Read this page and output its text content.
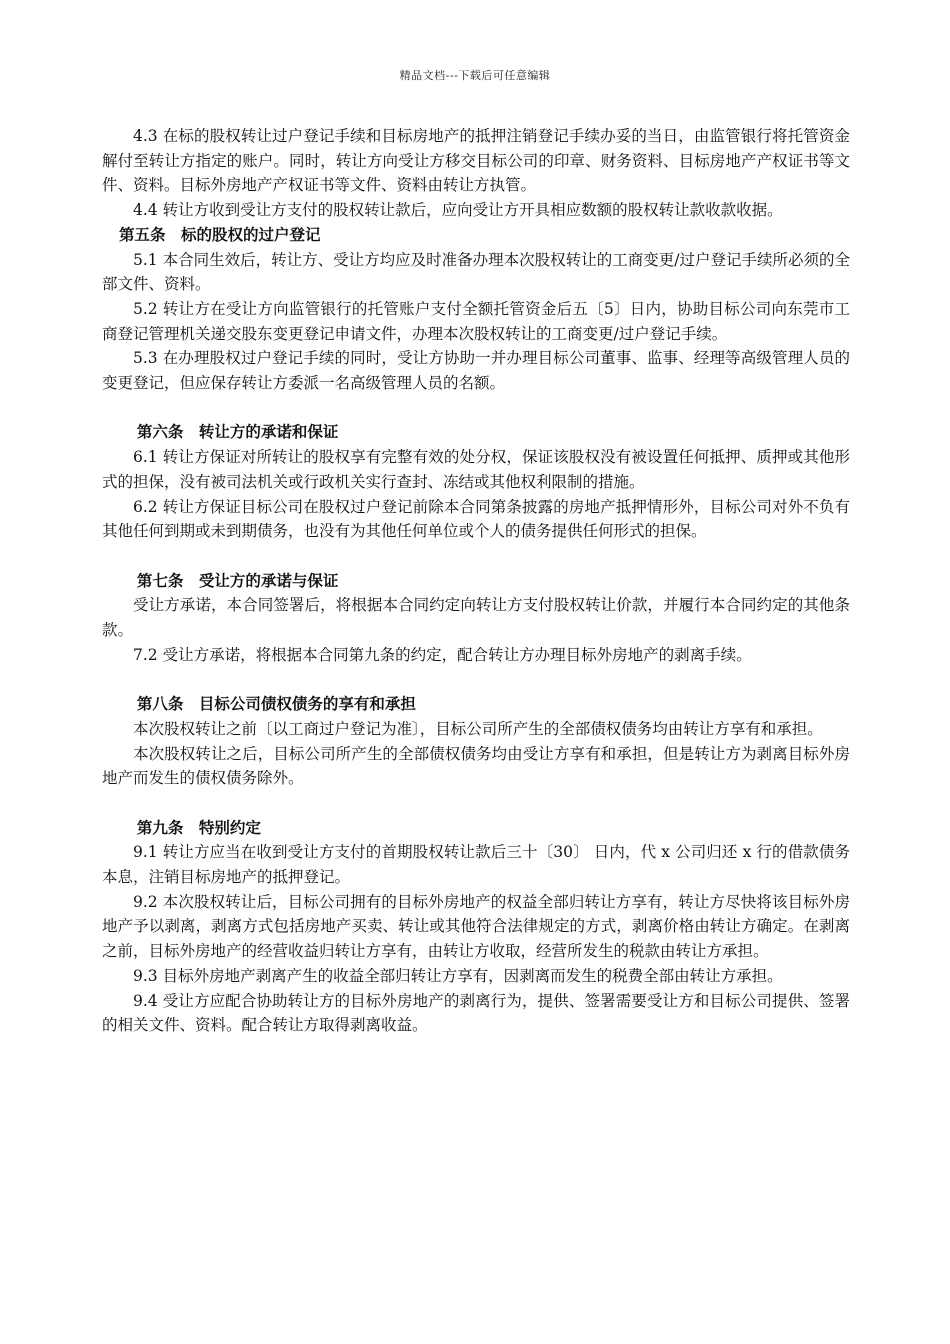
精品文档---下载后可任意编辑

4.3 在标的股权转让过户登记手续和目标房地产的抵押注销登记手续办妥的当日，由监管银行将托管资金解付至转让方指定的账户。同时，转让方向受让方移交目标公司的印章、财务资料、目标房地产产权证书等文件、资料。目标外房地产产权证书等文件、资料由转让方执管。

4.4 转让方收到受让方支付的股权转让款后，应向受让方开具相应数额的股权转让款收款收据。

第五条　标的股权的过户登记

5.1 本合同生效后，转让方、受让方均应及时准备办理本次股权转让的工商变更/过户登记手续所必须的全部文件、资料。

5.2 转让方在受让方向监管银行的托管账户支付全额托管资金后五〔5〕日内，协助目标公司向东莞市工商登记管理机关递交股东变更登记申请文件，办理本次股权转让的工商变更/过户登记手续。

5.3 在办理股权过户登记手续的同时，受让方协助一并办理目标公司董事、监事、经理等高级管理人员的变更登记，但应保存转让方委派一名高级管理人员的名额。

第六条　转让方的承诺和保证

6.1 转让方保证对所转让的股权享有完整有效的处分权，保证该股权没有被设置任何抵押、质押或其他形式的担保，没有被司法机关或行政机关实行查封、冻结或其他权利限制的措施。

6.2 转让方保证目标公司在股权过户登记前除本合同第条披露的房地产抵押情形外，目标公司对外不负有其他任何到期或未到期债务，也没有为其他任何单位或个人的债务提供任何形式的担保。

第七条　受让方的承诺与保证

受让方承诺，本合同签署后，将根据本合同约定向转让方支付股权转让价款，并履行本合同约定的其他条款。

7.2 受让方承诺，将根据本合同第九条的约定，配合转让方办理目标外房地产的剥离手续。

第八条　目标公司债权债务的享有和承担

本次股权转让之前〔以工商过户登记为准〕，目标公司所产生的全部债权债务均由转让方享有和承担。

本次股权转让之后，目标公司所产生的全部债权债务均由受让方享有和承担，但是转让方为剥离目标外房地产而发生的债权债务除外。

第九条　特别约定

9.1 转让方应当在收到受让方支付的首期股权转让款后三十〔30〕 日内，代 x 公司归还 x 行的借款债务本息，注销目标房地产的抵押登记。

9.2 本次股权转让后，目标公司拥有的目标外房地产的权益全部归转让方享有，转让方尽快将该目标外房地产予以剥离，剥离方式包括房地产买卖、转让或其他符合法律规定的方式，剥离价格由转让方确定。在剥离之前，目标外房地产的经营收益归转让方享有，由转让方收取，经营所发生的税款由转让方承担。

9.3 目标外房地产剥离产生的收益全部归转让方享有，因剥离而发生的税费全部由转让方承担。

9.4 受让方应配合协助转让方的目标外房地产的剥离行为，提供、签署需要受让方和目标公司提供、签署的相关文件、资料。配合转让方取得剥离收益。
